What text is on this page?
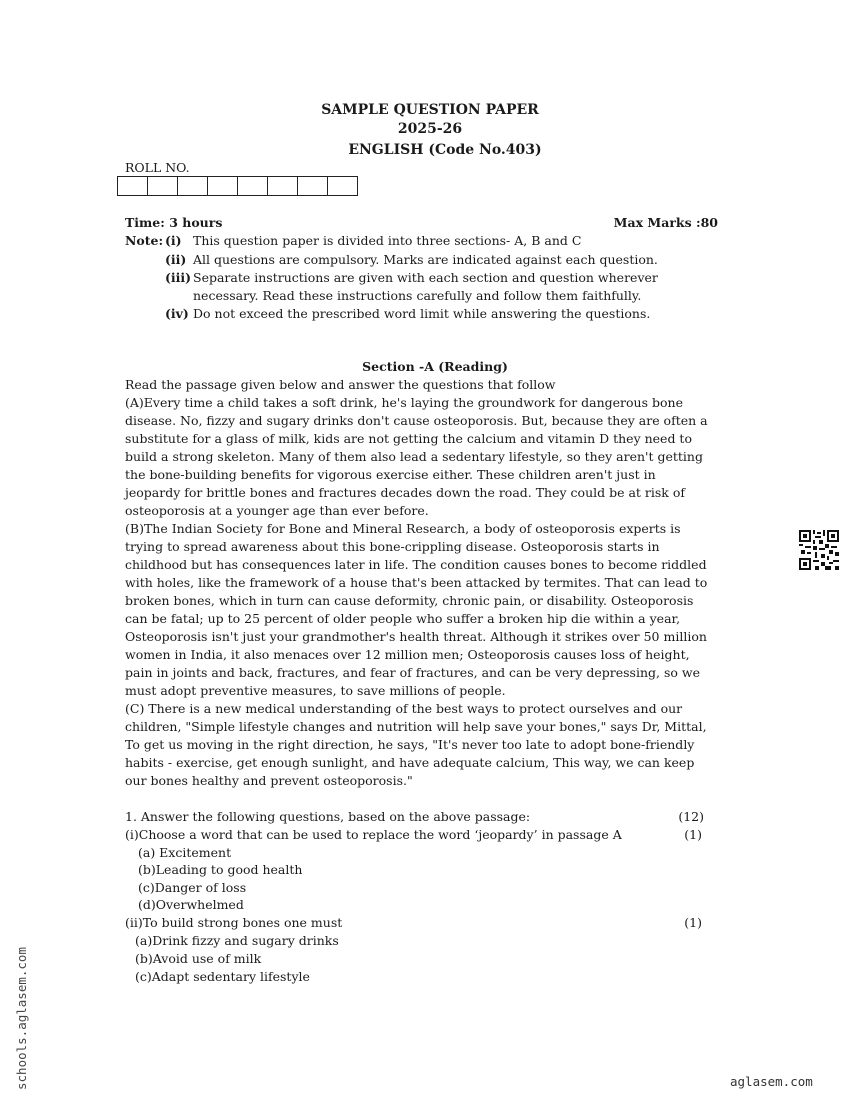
SAMPLE QUESTION PAPER
2025-26
ENGLISH (Code No.403)
ROLL NO.
Time: 3 hours	Max Marks :80
Note: (i) This question paper is divided into three sections- A, B and C
(ii) All questions are compulsory. Marks are indicated against each question.
(iii) Separate instructions are given with each section and question wherever
necessary. Read these instructions carefully and follow them faithfully.
(iv) Do not exceed the prescribed word limit while answering the questions.
Section -A (Reading)
Read the passage given below and answer the questions that follow
(A)Every time a child takes a soft drink, he's laying the groundwork for dangerous bone
disease. No, fizzy and sugary drinks don't cause osteoporosis. But, because they are often a
substitute for a glass of milk, kids are not getting the calcium and vitamin D they need to
build a strong skeleton. Many of them also lead a sedentary lifestyle, so they aren't getting
the bone-building benefits for vigorous exercise either. These children aren't just in
jeopardy for brittle bones and fractures decades down the road. They could be at risk of
osteoporosis at a younger age than ever before.
(B)The Indian Society for Bone and Mineral Research, a body of osteoporosis experts is
trying to spread awareness about this bone-crippling disease. Osteoporosis starts in
childhood but has consequences later in life. The condition causes bones to become riddled
with holes, like the framework of a house that's been attacked by termites. That can lead to
broken bones, which in turn can cause deformity, chronic pain, or disability. Osteoporosis
can be fatal; up to 25 percent of older people who suffer a broken hip die within a year,
Osteoporosis isn't just your grandmother's health threat. Although it strikes over 50 million
women in India, it also menaces over 12 million men; Osteoporosis causes loss of height,
pain in joints and back, fractures, and fear of fractures, and can be very depressing, so we
must adopt preventive measures, to save millions of people.
(C) There is a new medical understanding of the best ways to protect ourselves and our
children, "Simple lifestyle changes and nutrition will help save your bones," says Dr, Mittal,
To get us moving in the right direction, he says, "It's never too late to adopt bone-friendly
habits - exercise, get enough sunlight, and have adequate calcium, This way, we can keep
our bones healthy and prevent osteoporosis."
1. Answer the following questions, based on the above passage:	(12)
(i)Choose a word that can be used to replace the word ‘jeopardy’ in passage A	(1)
(a) Excitement
(b)Leading to good health
(c)Danger of loss
(d)Overwhelmed
(ii)To build strong bones one must	(1)
(a)Drink fizzy and sugary drinks
(b)Avoid use of milk
(c)Adapt sedentary lifestyle
schools.aglasem.com	aglasem.com
